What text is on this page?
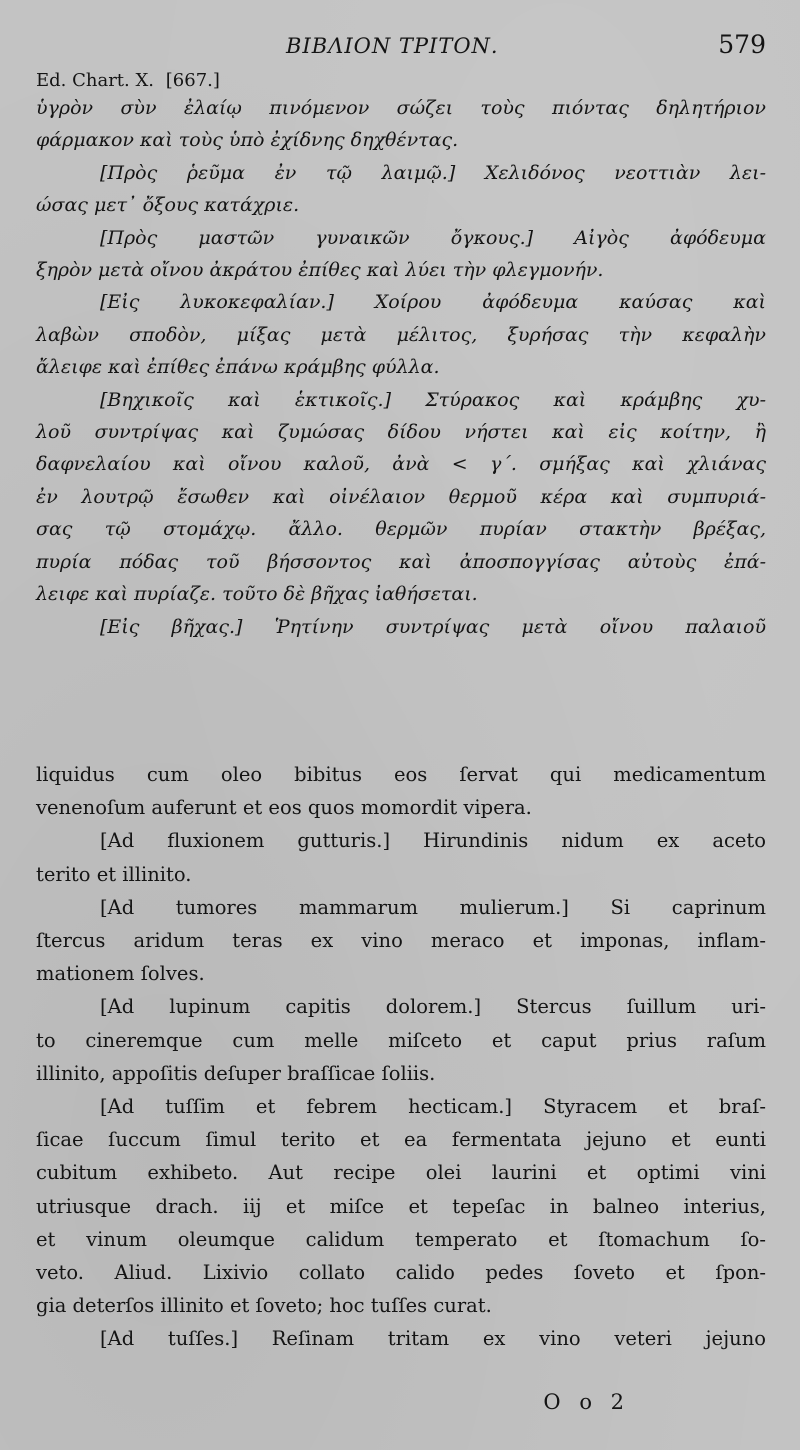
ΒΙΒΛΙΟΝ ΤΡΙΤΟΝ.	579
Ed. Chart. X. [667.]
ὑγρὸν σὺν ἐλαίῳ πινόμενον σώζει τοὺς πιόντας δηλητήριον
φάρμακον καὶ τοὺς ὑπὸ ἐχίδνης δηχθέντας.
[Πρὸς ῥεῦμα ἐν τῷ λαιμῷ.] Χελιδόνος νεοττιὰν λει-
ώσας μετ᾽ ὄξους κατάχριε.
[Πρὸς μαστῶν γυναικῶν ὄγκους.] Αἰγὸς ἀφόδευμα
ξηρὸν μετὰ οἴνου ἀκράτου ἐπίθες καὶ λύει τὴν φλεγμονήν.
[Εἰς λυκοκεφαλίαν.] Χοίρου ἀφόδευμα καύσας καὶ
λαβὼν σποδὸν, μίξας μετὰ μέλιτος, ξυρήσας τὴν κεφαλὴν
ἄλειφε καὶ ἐπίθες ἐπάνω κράμβης φύλλα.
[Βηχικοῖς καὶ ἑκτικοῖς.] Στύρακος καὶ κράμβης χυ-
λοῦ συντρίψας καὶ ζυμώσας δίδου νήστει καὶ εἰς κοίτην, ἢ
δαφνελαίου καὶ οἴνου καλοῦ, ἀνὰ < γ΄. σμήξας καὶ χλιάνας
ἐν λουτρῷ ἔσωθεν καὶ οἰνέλαιον θερμοῦ κέρα καὶ συμπυριά-
σας τῷ στομάχῳ. ἄλλο. θερμῶν πυρίαν στακτὴν βρέξας,
πυρία πόδας τοῦ βήσσοντος καὶ ἀποσπογγίσας αὐτοὺς ἐπά-
λειφε καὶ πυρίαζε. τοῦτο δὲ βῆχας ἰαθήσεται.
[Εἰς βῆχας.] Ῥητίνην συντρίψας μετὰ οἴνου παλαιοῦ
liquidus cum oleo bibitus eos ſervat qui medicamentum
venenoſum auferunt et eos quos momordit vipera.
[Ad fluxionem gutturis.] Hirundinis nidum ex aceto
terito et illinito.
[Ad tumores mammarum mulierum.] Si caprinum
ſtercus aridum teras ex vino meraco et imponas, inflam-
mationem ſolves.
[Ad lupinum capitis dolorem.] Stercus ſuillum uri-
to cineremque cum melle miſceto et caput prius raſum
illinito, appoſitis deſuper braſſicae ſoliis.
[Ad tuſſim et febrem hecticam.] Styracem et braſ-
ſicae ſuccum ſimul terito et ea fermentata jejuno et eunti
cubitum exhibeto. Aut recipe olei laurini et optimi vini
utriusque drach. iij et miſce et tepeſac in balneo interius,
et vinum oleumque calidum temperato et ſtomachum ſo-
veto. Aliud. Lixivio collato calido pedes ſoveto et ſpon-
gia deterſos illinito et ſoveto; hoc tuſſes curat.
[Ad tuſſes.] Reſinam tritam ex vino veteri jejuno
O o 2
